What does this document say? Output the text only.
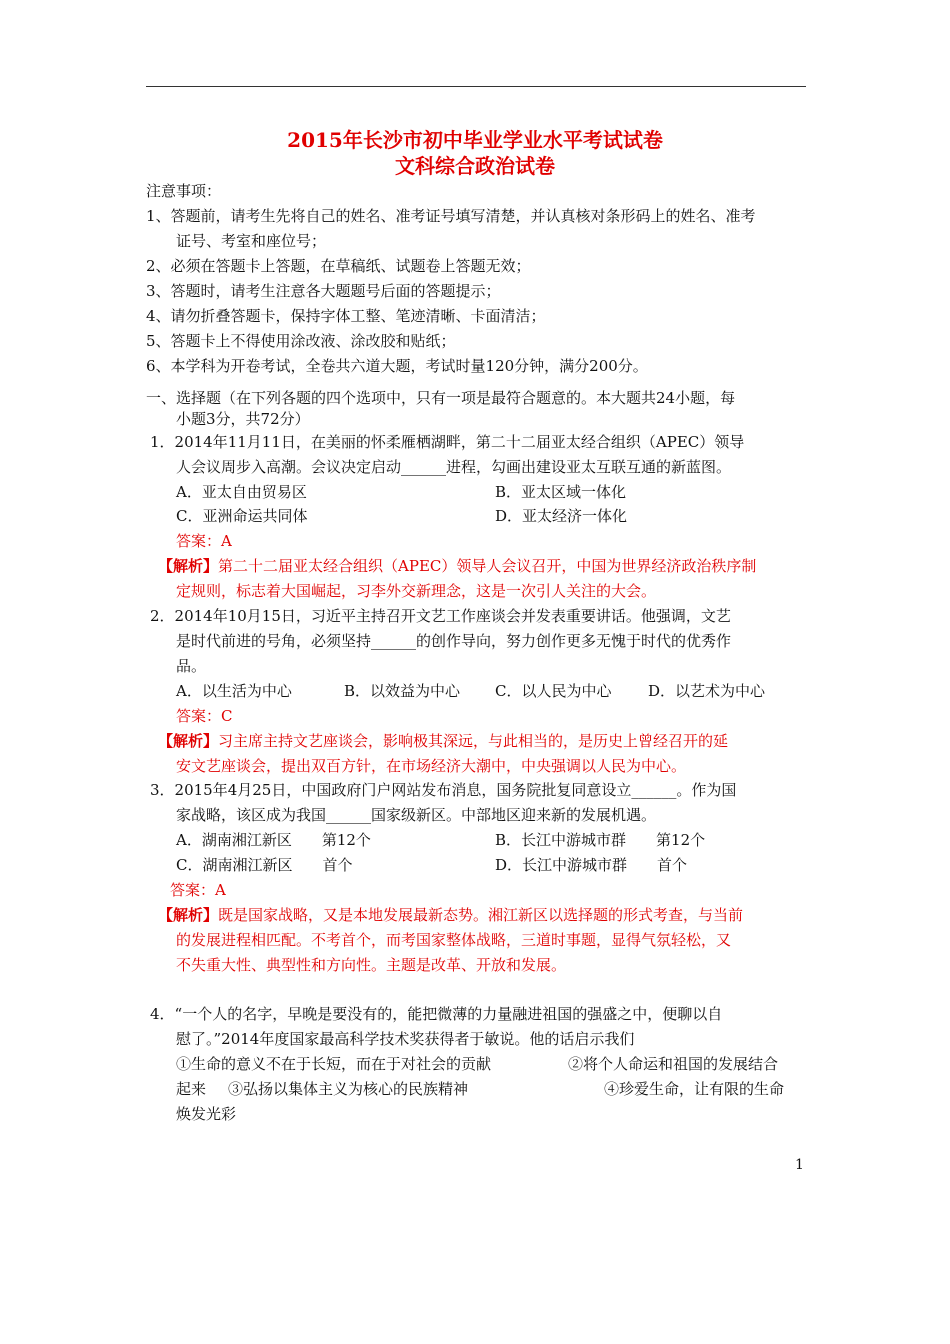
2015年长沙市初中毕业学业水平考试试卷
文科综合政治试卷
注意事项：
1、答题前，请考生先将自己的姓名、准考证号填写清楚，并认真核对条形码上的姓名、准考
证号、考室和座位号；
2、必须在答题卡上答题，在草稿纸、试题卷上答题无效；
3、答题时，请考生注意各大题题号后面的答题提示；
4、请勿折叠答题卡，保持字体工整、笔迹清晰、卡面清洁；
5、答题卡上不得使用涂改液、涂改胶和贴纸；
6、本学科为开卷考试，全卷共六道大题，考试时量120分钟，满分200分。
一、选择题（在下列各题的四个选项中，只有一项是最符合题意的。本大题共24小题，每
小题3分，共72分）
1．2014年11月11日，在美丽的怀柔雁栖湖畔，第二十二届亚太经合组织（APEC）领导
人会议周步入高潮。会议决定启动______进程，勾画出建设亚太互联互通的新蓝图。
A．亚太自由贸易区	B．亚太区域一体化
C．亚洲命运共同体	D．亚太经济一体化
答案：A
【解析】第二十二届亚太经合组织（APEC）领导人会议召开，中国为世界经济政治秩序制
定规则，标志着大国崛起，习李外交新理念，这是一次引人关注的大会。
2．2014年10月15日，习近平主持召开文艺工作座谈会并发表重要讲话。他强调，文艺
是时代前进的号角，必须坚持______的创作导向，努力创作更多无愧于时代的优秀作
品。
A．以生活为中心	B．以效益为中心 C．以人民为中心 D．以艺术为中心
答案：C
【解析】习主席主持文艺座谈会，影响极其深远，与此相当的，是历史上曾经召开的延
安文艺座谈会，提出双百方针，在市场经济大潮中，中央强调以人民为中心。
3．2015年4月25日，中国政府门户网站发布消息，国务院批复同意设立______。作为国
家战略，该区成为我国______国家级新区。中部地区迎来新的发展机遇。
A．湖南湘江新区　　第12个	B．长江中游城市群　　第12个
C．湖南湘江新区　　首个	D．长江中游城市群　　首个
答案：A
【解析】既是国家战略，又是本地发展最新态势。湘江新区以选择题的形式考查，与当前
的发展进程相匹配。不考首个，而考国家整体战略，三道时事题，显得气氛轻松，又
不失重大性、典型性和方向性。主题是改革、开放和发展。
4．“一个人的名字，早晚是要没有的，能把微薄的力量融进祖国的强盛之中，便聊以自
慰了。”2014年度国家最高科学技术奖获得者于敏说。他的话启示我们
①生命的意义不在于长短，而在于对社会的贡献	②将个人命运和祖国的发展结合
起来 ③弘扬以集体主义为核心的民族精神	④珍爱生命，让有限的生命
焕发光彩
1
